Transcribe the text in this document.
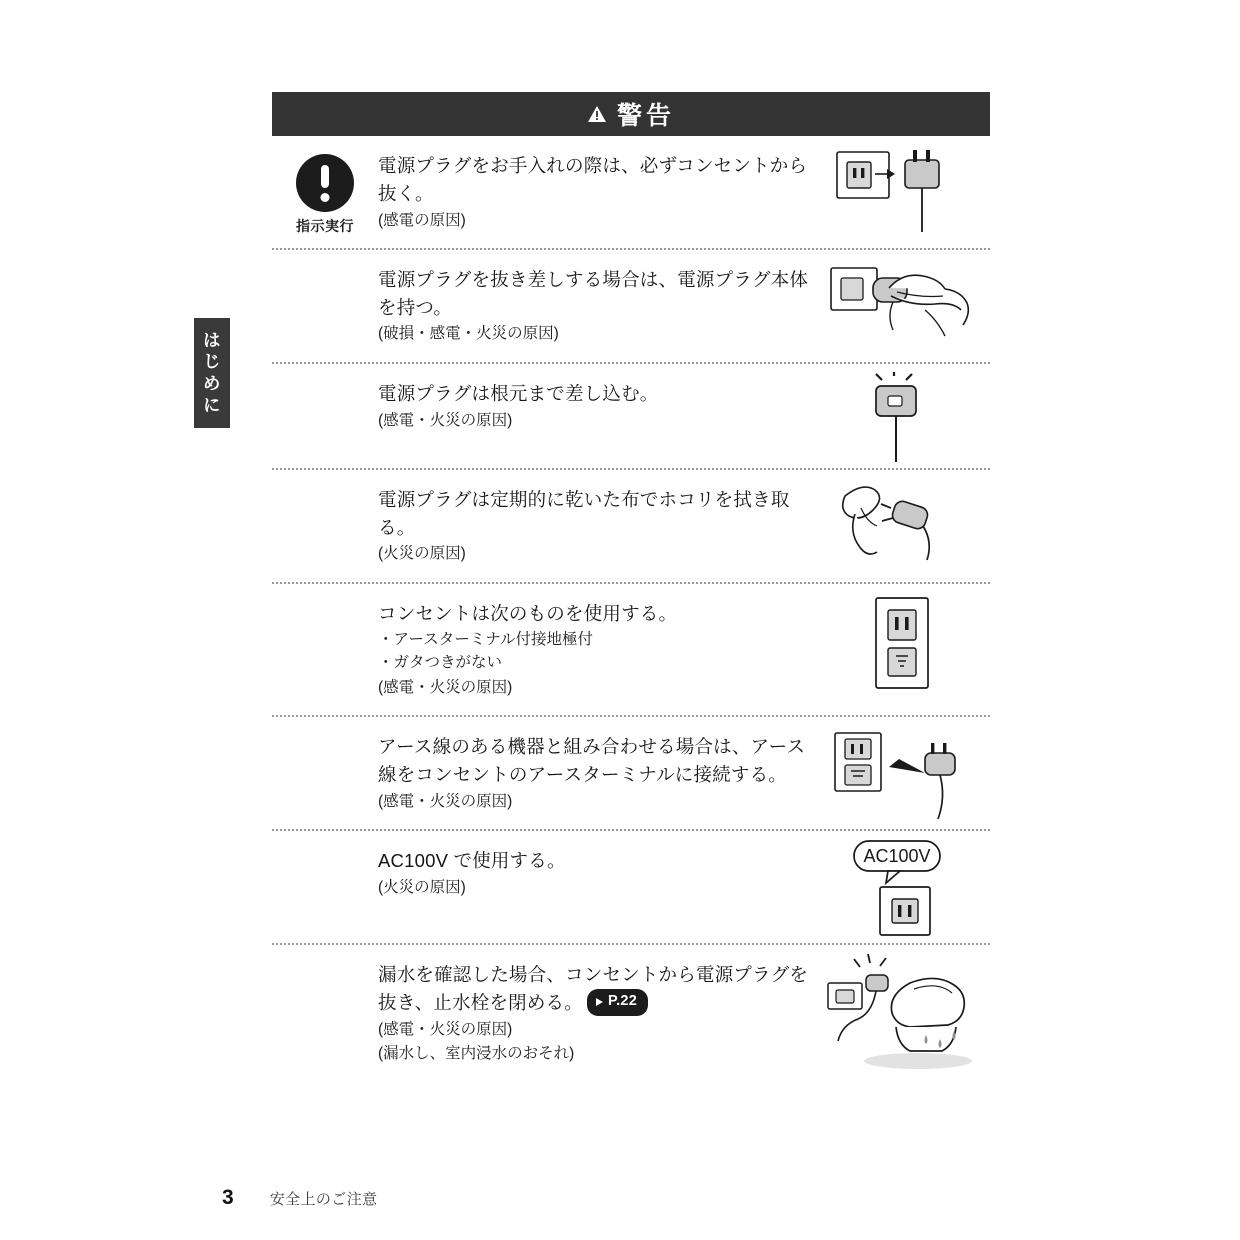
は
じ
め
に
警告
指示実行
電源プラグをお手入れの際は、必ずコンセントから抜く。
(感電の原因)
電源プラグを抜き差しする場合は、電源プラグ本体を持つ。
(破損・感電・火災の原因)
電源プラグは根元まで差し込む。
(感電・火災の原因)
電源プラグは定期的に乾いた布でホコリを拭き取る。
(火災の原因)
コンセントは次のものを使用する。
・アースターミナル付接地極付
・ガタつきがない
(感電・火災の原因)
アース線のある機器と組み合わせる場合は、アース線をコンセントのアースターミナルに接続する。
(感電・火災の原因)
AC100V で使用する。
(火災の原因)
AC100V
漏水を確認した場合、コンセントから電源プラグを抜き、止水栓を閉める。 P.22
(感電・火災の原因)
(漏水し、室内浸水のおそれ)
3 安全上のご注意
